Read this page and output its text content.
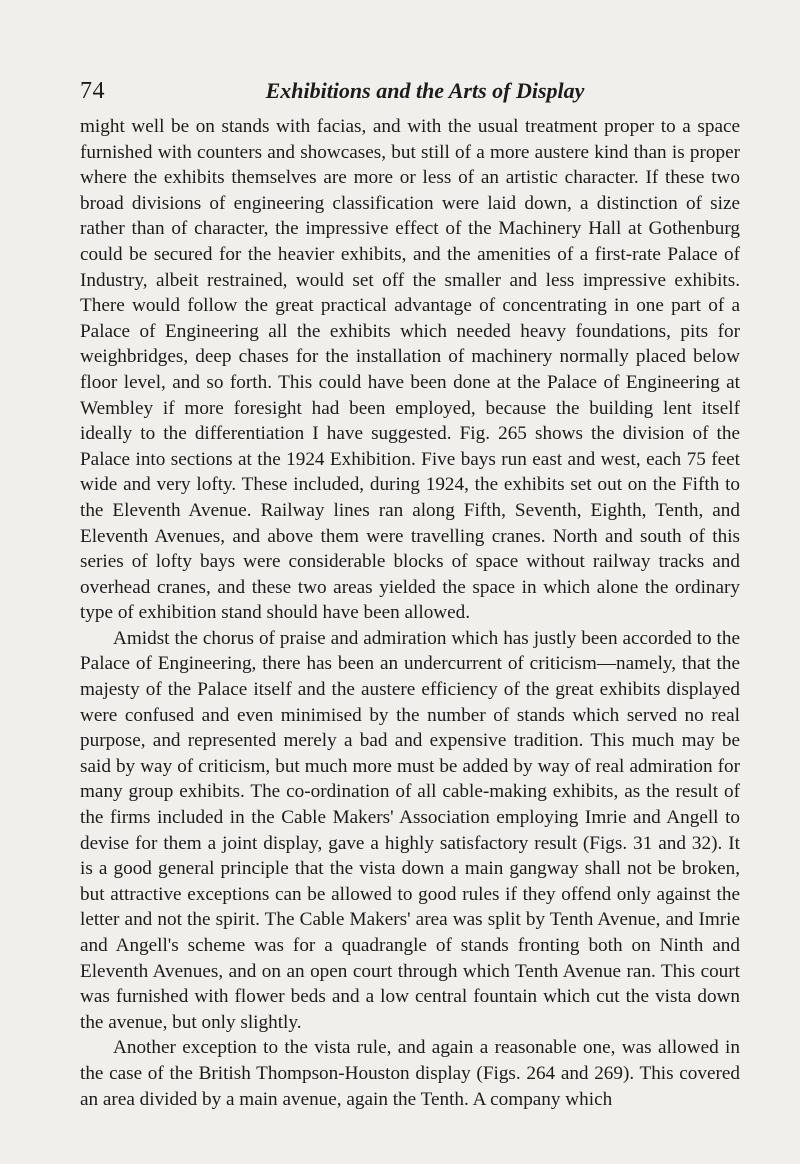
74	Exhibitions and the Arts of Display

might well be on stands with facias, and with the usual treatment proper to a space furnished with counters and showcases, but still of a more austere kind than is proper where the exhibits themselves are more or less of an artistic character. If these two broad divisions of engineering classification were laid down, a distinction of size rather than of character, the impressive effect of the Machinery Hall at Gothenburg could be secured for the heavier exhibits, and the amenities of a first-rate Palace of Industry, albeit restrained, would set off the smaller and less impressive exhibits. There would follow the great practical advantage of concentrating in one part of a Palace of Engineering all the exhibits which needed heavy foundations, pits for weighbridges, deep chases for the installation of machinery normally placed below floor level, and so forth. This could have been done at the Palace of Engineering at Wembley if more foresight had been employed, because the building lent itself ideally to the differentiation I have suggested. Fig. 265 shows the division of the Palace into sections at the 1924 Exhibition. Five bays run east and west, each 75 feet wide and very lofty. These included, during 1924, the exhibits set out on the Fifth to the Eleventh Avenue. Railway lines ran along Fifth, Seventh, Eighth, Tenth, and Eleventh Avenues, and above them were travelling cranes. North and south of this series of lofty bays were considerable blocks of space without railway tracks and overhead cranes, and these two areas yielded the space in which alone the ordinary type of exhibition stand should have been allowed.

Amidst the chorus of praise and admiration which has justly been accorded to the Palace of Engineering, there has been an undercurrent of criticism—namely, that the majesty of the Palace itself and the austere efficiency of the great exhibits displayed were confused and even minimised by the number of stands which served no real purpose, and represented merely a bad and expensive tradition. This much may be said by way of criticism, but much more must be added by way of real admiration for many group exhibits. The co-ordination of all cable-making exhibits, as the result of the firms included in the Cable Makers' Association employing Imrie and Angell to devise for them a joint display, gave a highly satisfactory result (Figs. 31 and 32). It is a good general principle that the vista down a main gangway shall not be broken, but attractive exceptions can be allowed to good rules if they offend only against the letter and not the spirit. The Cable Makers' area was split by Tenth Avenue, and Imrie and Angell's scheme was for a quadrangle of stands fronting both on Ninth and Eleventh Avenues, and on an open court through which Tenth Avenue ran. This court was furnished with flower beds and a low central fountain which cut the vista down the avenue, but only slightly.

Another exception to the vista rule, and again a reasonable one, was allowed in the case of the British Thompson-Houston display (Figs. 264 and 269). This covered an area divided by a main avenue, again the Tenth. A company which
